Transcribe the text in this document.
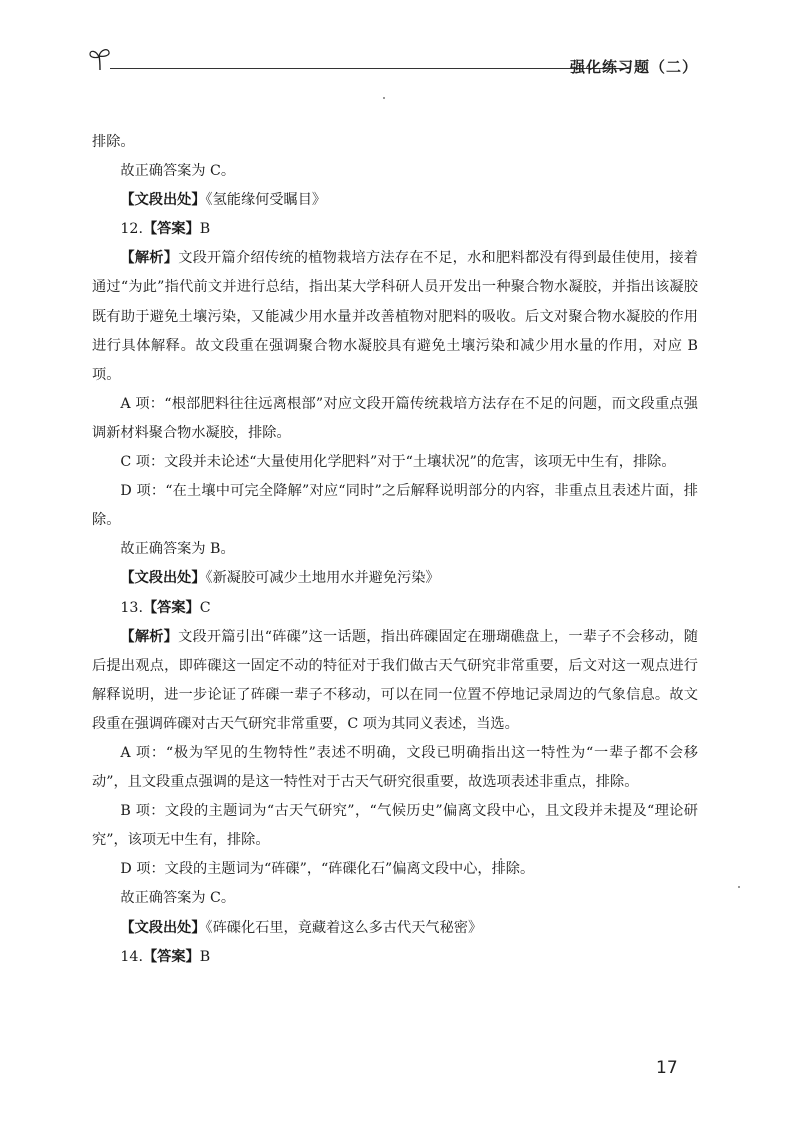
强化练习题（二）

排除。

故正确答案为 C。

【文段出处】《氢能缘何受瞩目》

12.【答案】B

【解析】文段开篇介绍传统的植物栽培方法存在不足，水和肥料都没有得到最佳使用，接着通过“为此”指代前文并进行总结，指出某大学科研人员开发出一种聚合物水凝胶，并指出该凝胶既有助于避免土壤污染，又能减少用水量并改善植物对肥料的吸收。后文对聚合物水凝胶的作用进行具体解释。故文段重在强调聚合物水凝胶具有避免土壤污染和减少用水量的作用，对应 B 项。

A 项：“根部肥料往往远离根部”对应文段开篇传统栽培方法存在不足的问题，而文段重点强调新材料聚合物水凝胶，排除。

C 项：文段并未论述“大量使用化学肥料”对于“土壤状况”的危害，该项无中生有，排除。

D 项：“在土壤中可完全降解”对应“同时”之后解释说明部分的内容，非重点且表述片面，排除。

故正确答案为 B。

【文段出处】《新凝胶可减少土地用水并避免污染》

13.【答案】C

【解析】文段开篇引出“砗磲”这一话题，指出砗磲固定在珊瑚礁盘上，一辈子不会移动，随后提出观点，即砗磲这一固定不动的特征对于我们做古天气研究非常重要，后文对这一观点进行解释说明，进一步论证了砗磲一辈子不移动，可以在同一位置不停地记录周边的气象信息。故文段重在强调砗磲对古天气研究非常重要，C 项为其同义表述，当选。

A 项：“极为罕见的生物特性”表述不明确，文段已明确指出这一特性为“一辈子都不会移动”，且文段重点强调的是这一特性对于古天气研究很重要，故选项表述非重点，排除。

B 项：文段的主题词为“古天气研究”，“气候历史”偏离文段中心，且文段并未提及“理论研究”，该项无中生有，排除。

D 项：文段的主题词为“砗磲”，“砗磲化石”偏离文段中心，排除。

故正确答案为 C。

【文段出处】《砗磲化石里，竟藏着这么多古代天气秘密》

14.【答案】B

17
